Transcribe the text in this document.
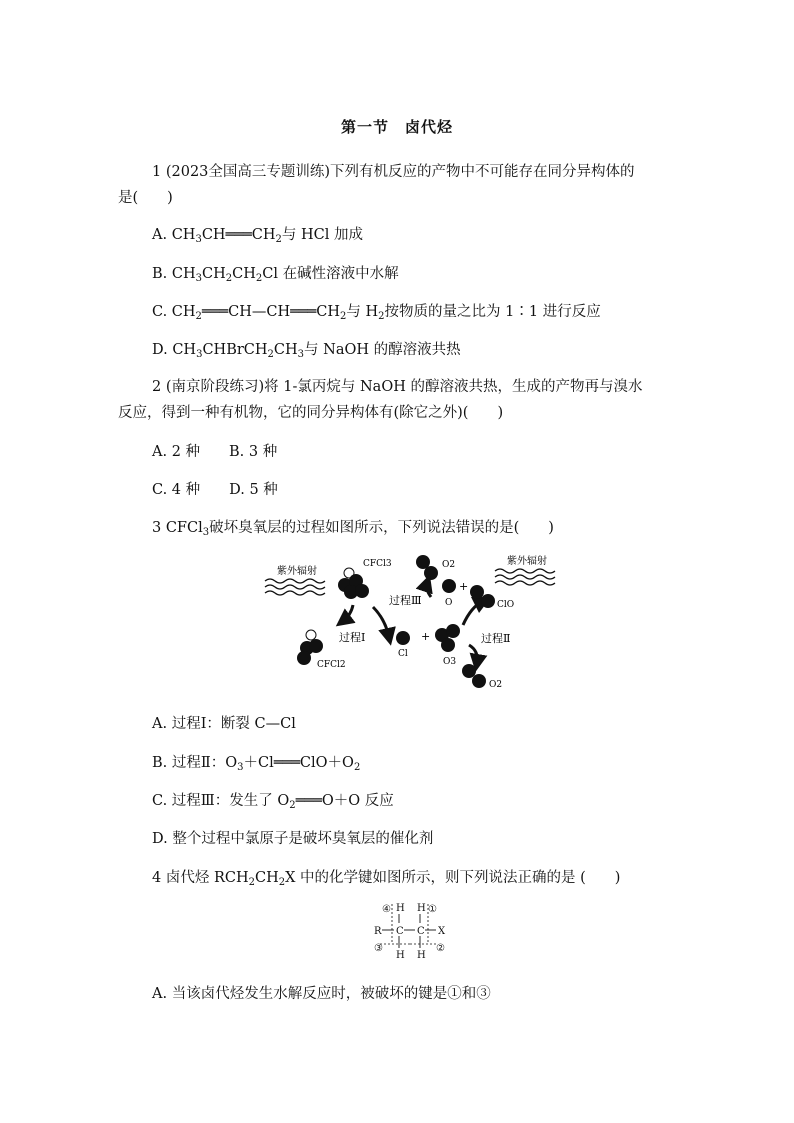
第一节　卤代烃
1 (2023全国高三专题训练)下列有机反应的产物中不可能存在同分异构体的
是(　　)
A. $CH_3CH═══CH_2$与 HCl 加成
B. $CH_3CH_2CH_2Cl$ 在碱性溶液中水解
C. $CH_2═══CH—CH═══CH_2$与 $H_2$按物质的量之比为 1∶1 进行反应
D. $CH_3CHBrCH_2CH_3$与 NaOH 的醇溶液共热
2 (南京阶段练习)将 1-氯丙烷与 NaOH 的醇溶液共热，生成的产物再与溴水
反应，得到一种有机物，它的同分异构体有(除它之外)(　　)
A. 2 种　　B. 3 种
C. 4 种　　D. 5 种
3 CFCl$_3$破坏臭氧层的过程如图所示，下列说法错误的是(　　)
紫外辐射
紫外辐射
CFCl3
CFCl2
过程Ⅰ
Cl
+
O3
过程Ⅱ
O2
O2
O
+
ClO
过程Ⅲ
A. 过程Ⅰ：断裂 C—Cl
B. 过程Ⅱ：$O_3+Cl═══ClO+O_2$
C. 过程Ⅲ：发生了 $O_2═══O+O$ 反应
D. 整个过程中氯原子是破坏臭氧层的催化剂
4 卤代烃 $RCH_2CH_2X$ 中的化学键如图所示，则下列说法正确的是 (　　)
④ H H ①
R C C X
③	②
H H
A. 当该卤代烃发生水解反应时，被破坏的键是①和③
